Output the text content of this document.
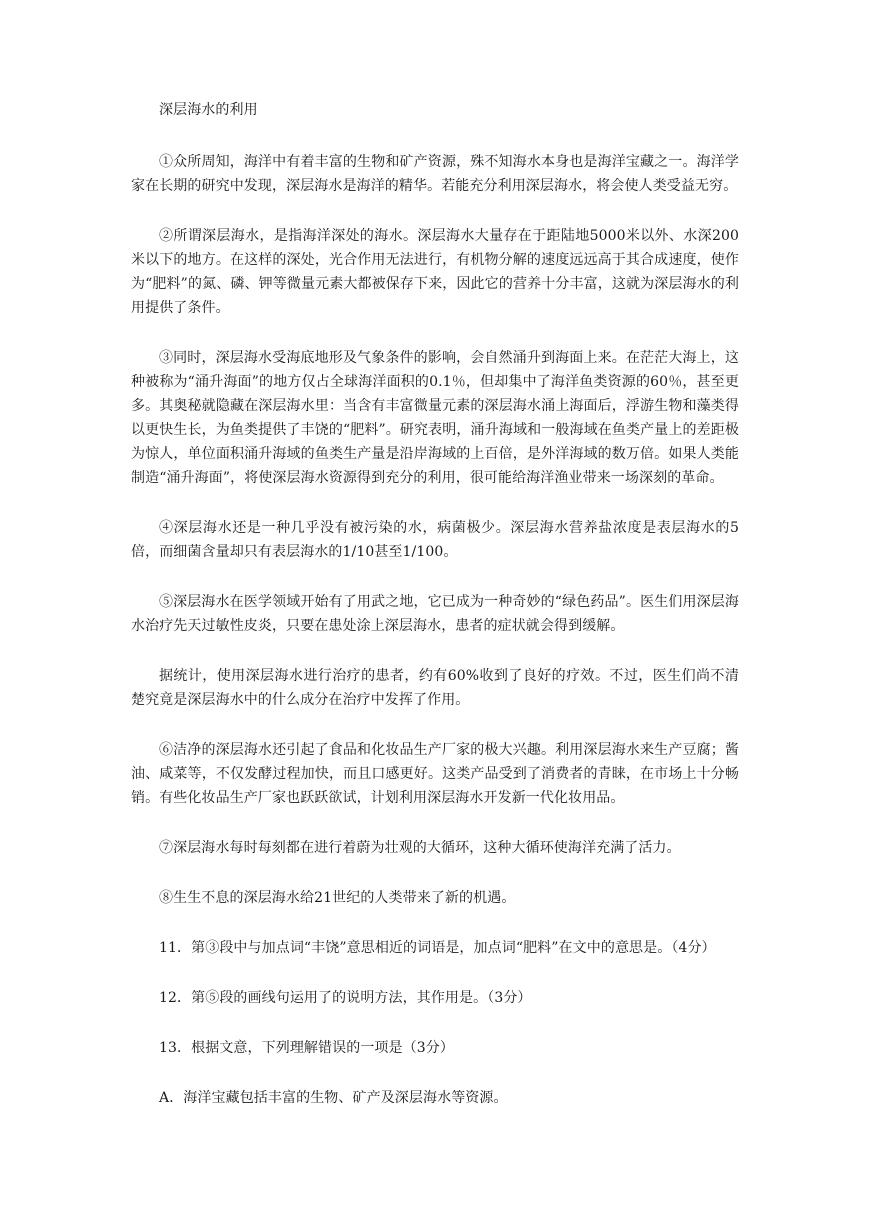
深层海水的利用
①众所周知，海洋中有着丰富的生物和矿产资源，殊不知海水本身也是海洋宝藏之一。海洋学家在长期的研究中发现，深层海水是海洋的精华。若能充分利用深层海水，将会使人类受益无穷。
②所谓深层海水，是指海洋深处的海水。深层海水大量存在于距陆地5000米以外、水深200米以下的地方。在这样的深处，光合作用无法进行，有机物分解的速度远远高于其合成速度，使作为“肥料”的氮、磷、钾等微量元素大都被保存下来，因此它的营养十分丰富，这就为深层海水的利用提供了条件。
③同时，深层海水受海底地形及气象条件的影响，会自然涌升到海面上来。在茫茫大海上，这种被称为“涌升海面”的地方仅占全球海洋面积的0.1％，但却集中了海洋鱼类资源的60％，甚至更多。其奥秘就隐藏在深层海水里：当含有丰富微量元素的深层海水涌上海面后，浮游生物和藻类得以更快生长，为鱼类提供了丰饶的“肥料”。研究表明，涌升海域和一般海域在鱼类产量上的差距极为惊人，单位面积涌升海域的鱼类生产量是沿岸海域的上百倍，是外洋海域的数万倍。如果人类能制造“涌升海面”，将使深层海水资源得到充分的利用，很可能给海洋渔业带来一场深刻的革命。
④深层海水还是一种几乎没有被污染的水，病菌极少。深层海水营养盐浓度是表层海水的5倍，而细菌含量却只有表层海水的1/10甚至1/100。
⑤深层海水在医学领域开始有了用武之地，它已成为一种奇妙的“绿色药品”。医生们用深层海水治疗先天过敏性皮炎，只要在患处涂上深层海水，患者的症状就会得到缓解。
据统计，使用深层海水进行治疗的患者，约有60%收到了良好的疗效。不过，医生们尚不清楚究竟是深层海水中的什么成分在治疗中发挥了作用。
⑥洁净的深层海水还引起了食品和化妆品生产厂家的极大兴趣。利用深层海水来生产豆腐；酱油、咸菜等，不仅发酵过程加快，而且口感更好。这类产品受到了消费者的青睐，在市场上十分畅销。有些化妆品生产厂家也跃跃欲试，计划利用深层海水开发新一代化妆用品。
⑦深层海水每时每刻都在进行着蔚为壮观的大循环，这种大循环使海洋充满了活力。
⑧生生不息的深层海水给21世纪的人类带来了新的机遇。
11．第③段中与加点词“丰饶”意思相近的词语是，加点词“肥料”在文中的意思是。（4分）
12．第⑤段的画线句运用了的说明方法，其作用是。（3分）
13．根据文意，下列理解错误的一项是（3分）
A．海洋宝藏包括丰富的生物、矿产及深层海水等资源。
